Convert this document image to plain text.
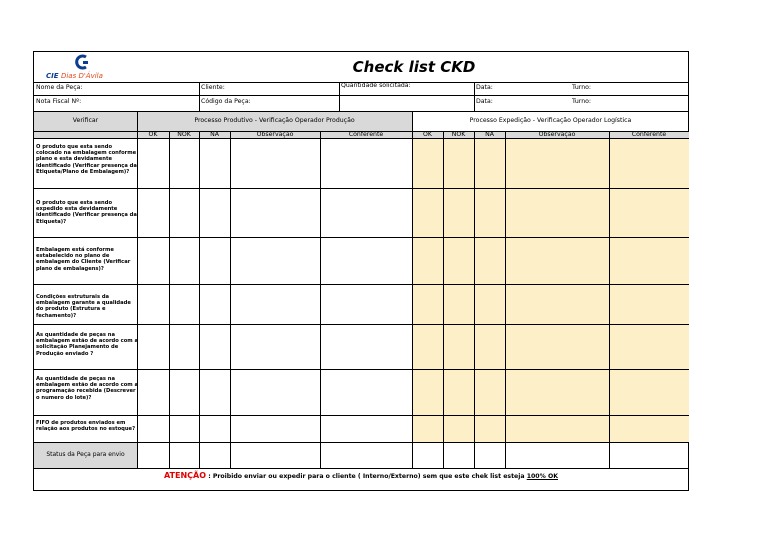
CIE Dias D'Ávila	Check list CKD
Nome da Peça:	Cliente:	Quantidade solicitada:	Data:	Turno:
Nota Fiscal Nº:	Código da Peça:	Data:	Turno:
Verificar	Processo Produtivo - Verificação Operador Produção	Processo Expedição - Verificação Operador Logística
OK	NOK	NA	Observação	Conferente	OK	NOK	NA	Observação	Conferente
O produto que esta sendo colocado na embalagem conforme plano e esta devidamente identificado (Verificar presença da Etiqueta/Plano de Embalagem)?
O produto que esta sendo expedido esta devidamente identificado (Verificar presença da Etiqueta)?
Embalagem está conforme estabelecido no plano de embalagem do Cliente (Verificar plano de embalagens)?
Condições estruturais da embalagem garante a qualidade do produto (Estrutura e fechamento)?
As quantidade de peças na embalagem estão de acordo com a solicitação Planejamento de Produção enviado ?
As quantidade de peças na embalagem estão de acordo com a programação recebida (Descrever o numero do lote)?
FIFO de produtos enviados em relação aos produtos no estoque?
Status da Peça para envio
ATENÇÃO : Proibido enviar ou expedir para o cliente ( Interno/Externo) sem que este chek list esteja 100% OK
